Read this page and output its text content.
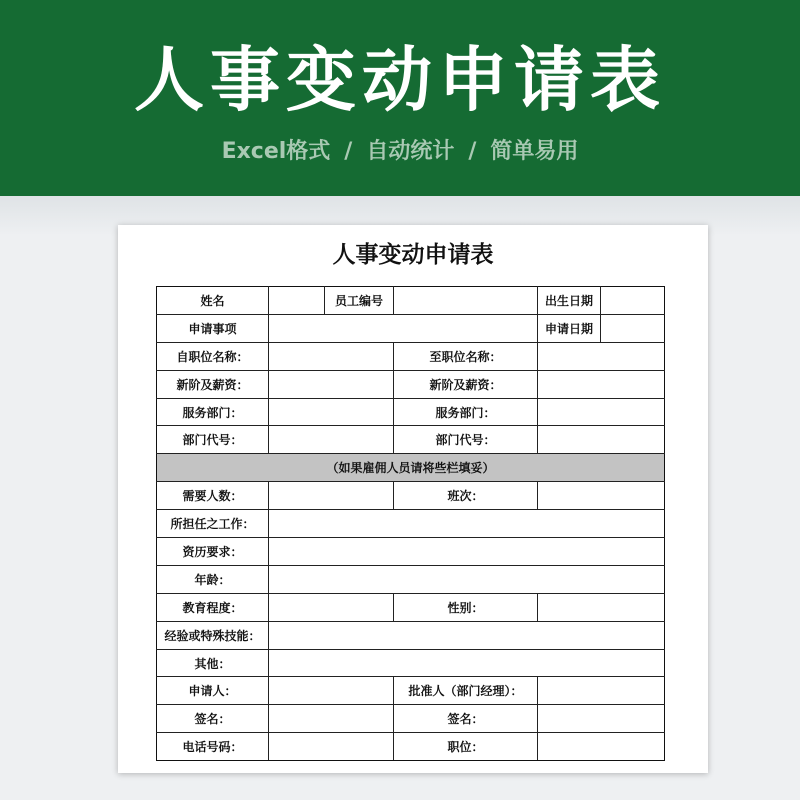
人事变动申请表
Excel格式 / 自动统计 / 简单易用
人事变动申请表
姓名		员工编号		出生日期	
申请事项				申请日期	
自职位名称：			至职位名称：		
新阶及薪资：			新阶及薪资：		
服务部门：			服务部门：		
部门代号：			部门代号：		
（如果雇佣人员请将些栏填妥）					
需要人数：			班次：		
所担任之工作：					
资历要求：					
年龄：					
教育程度：			性别：		
经验或特殊技能：					
其他：					
申请人：			批准人（部门经理）：		
签名：			签名：		
电话号码：			职位：		
